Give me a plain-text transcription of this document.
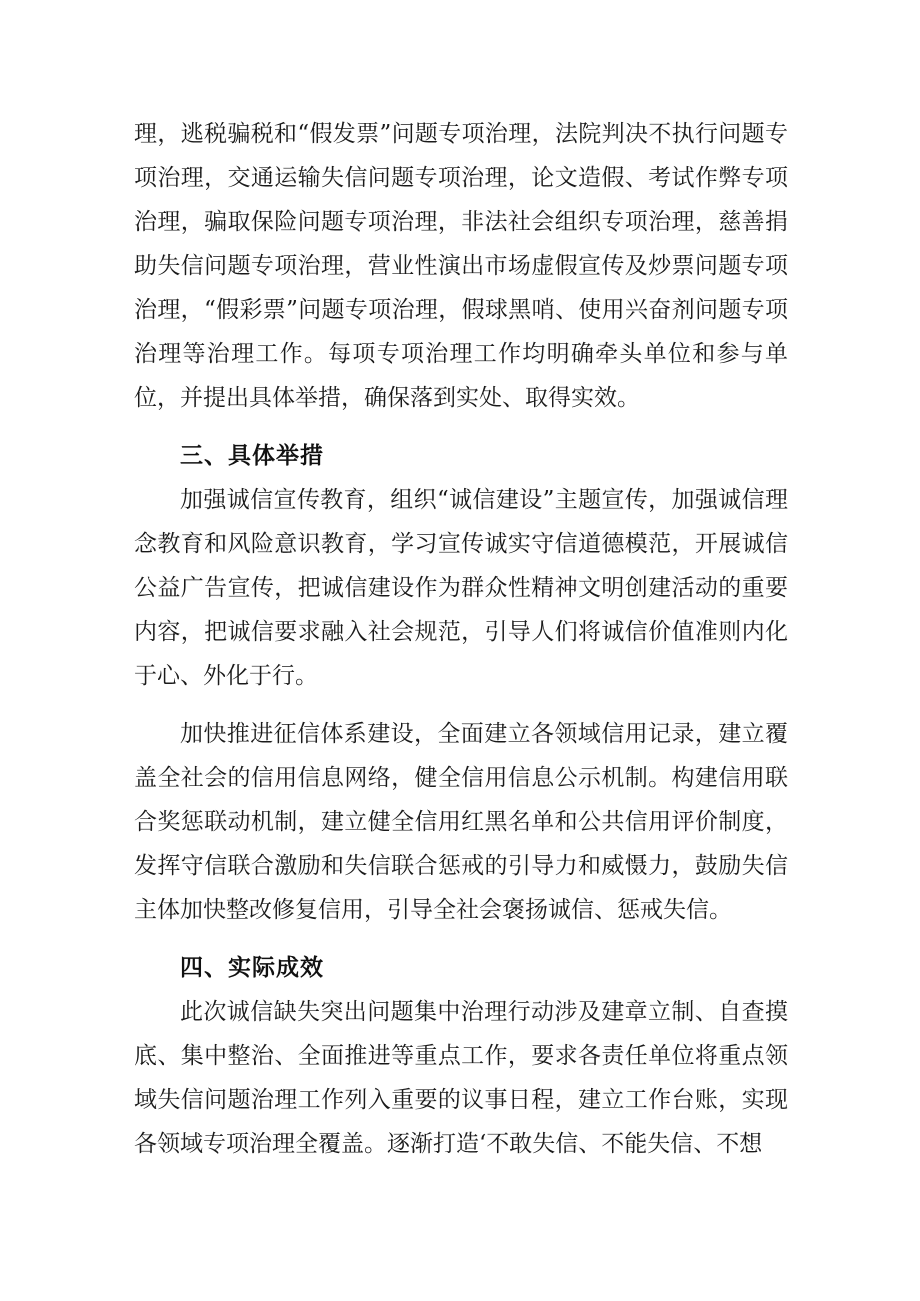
理，逃税骗税和“假发票”问题专项治理，法院判决不执行问题专项治理，交通运输失信问题专项治理，论文造假、考试作弊专项治理，骗取保险问题专项治理，非法社会组织专项治理，慈善捐助失信问题专项治理，营业性演出市场虚假宣传及炒票问题专项治理，“假彩票”问题专项治理，假球黑哨、使用兴奋剂问题专项治理等治理工作。每项专项治理工作均明确牵头单位和参与单位，并提出具体举措，确保落到实处、取得实效。

三、具体举措

加强诚信宣传教育，组织“诚信建设”主题宣传，加强诚信理念教育和风险意识教育，学习宣传诚实守信道德模范，开展诚信公益广告宣传，把诚信建设作为群众性精神文明创建活动的重要内容，把诚信要求融入社会规范，引导人们将诚信价值准则内化于心、外化于行。

加快推进征信体系建设，全面建立各领域信用记录，建立覆盖全社会的信用信息网络，健全信用信息公示机制。构建信用联合奖惩联动机制，建立健全信用红黑名单和公共信用评价制度，发挥守信联合激励和失信联合惩戒的引导力和威慑力，鼓励失信主体加快整改修复信用，引导全社会褒扬诚信、惩戒失信。

四、实际成效

此次诚信缺失突出问题集中治理行动涉及建章立制、自查摸底、集中整治、全面推进等重点工作，要求各责任单位将重点领域失信问题治理工作列入重要的议事日程，建立工作台账，实现各领域专项治理全覆盖。逐渐打造‘不敢失信、不能失信、不想
